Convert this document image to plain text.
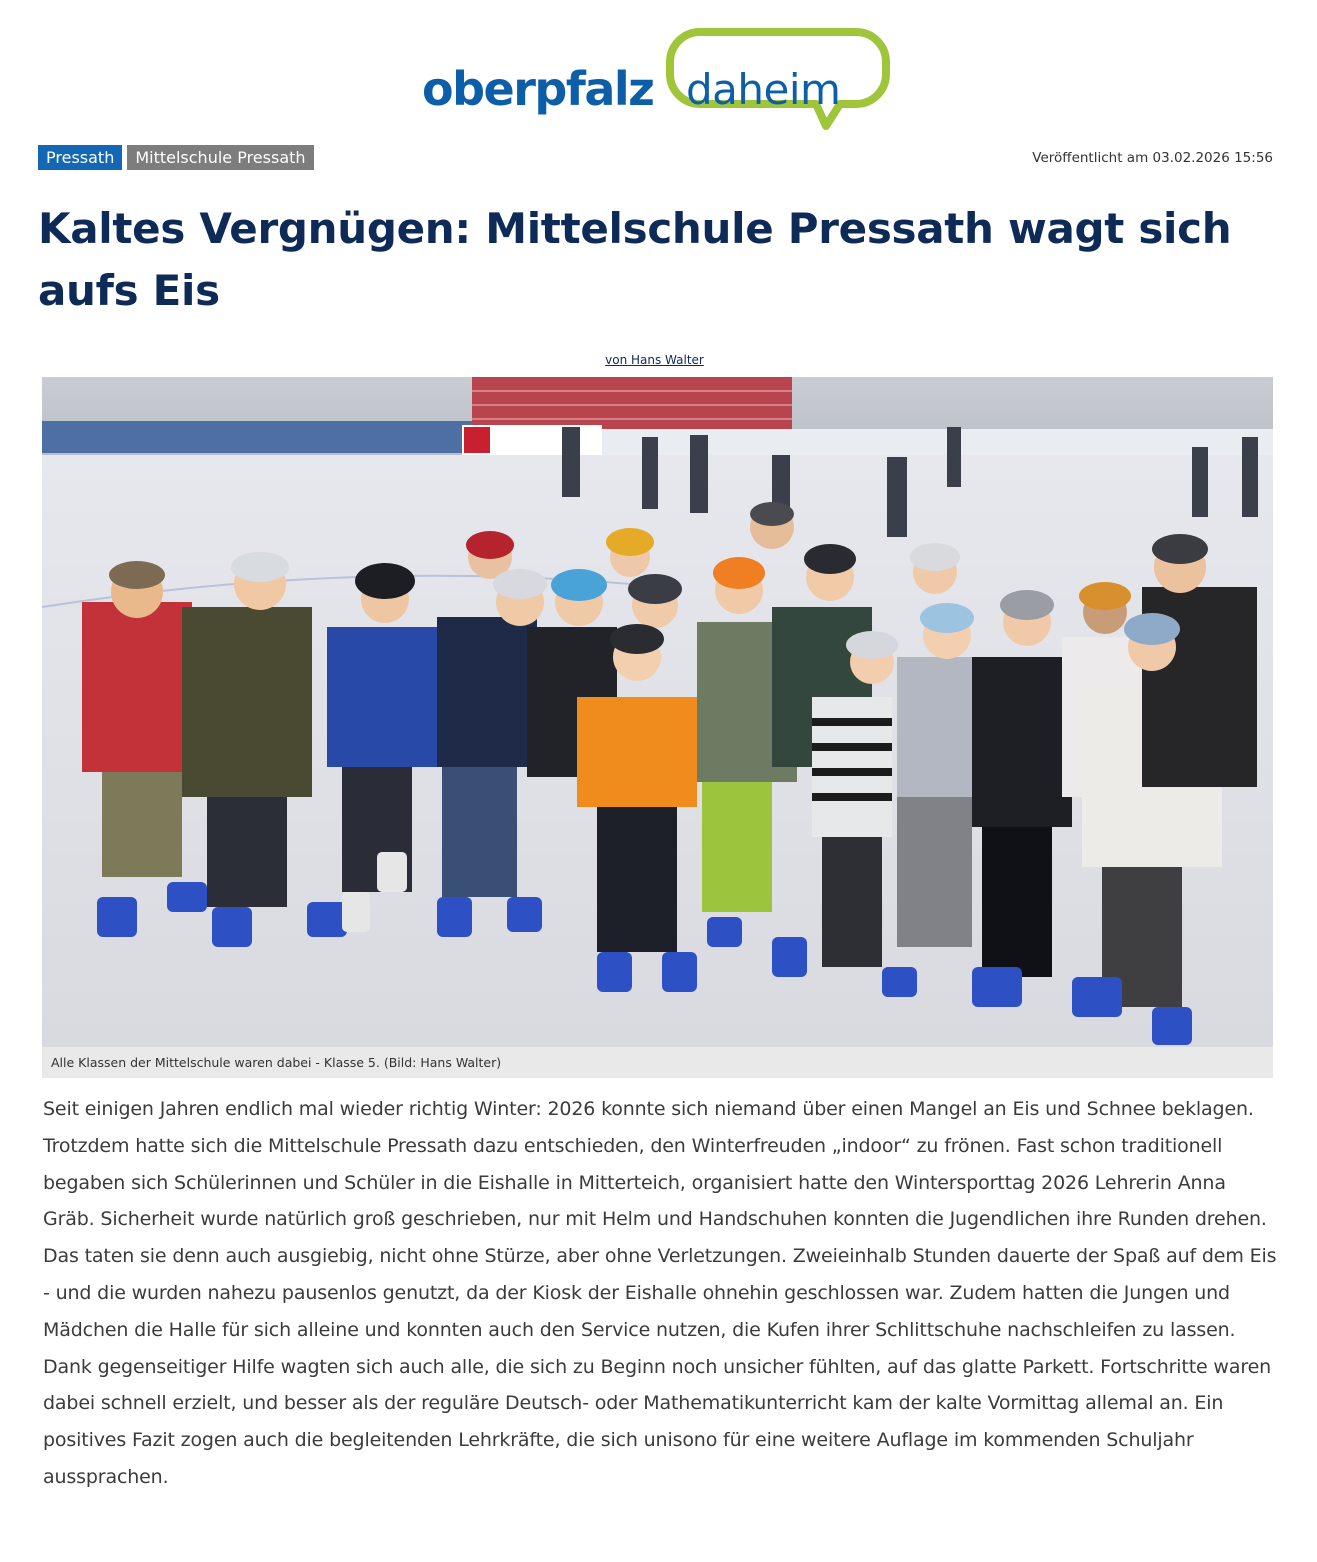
oberpfalz daheim
Pressath	Mittelschule Pressath	Veröffentlicht am 03.02.2026 15:56
Kaltes Vergnügen: Mittelschule Pressath wagt sich aufs Eis
von Hans Walter
Alle Klassen der Mittelschule waren dabei - Klasse 5. (Bild: Hans Walter)

Seit einigen Jahren endlich mal wieder richtig Winter: 2026 konnte sich niemand über einen Mangel an Eis und Schnee beklagen. Trotzdem hatte sich die Mittelschule Pressath dazu entschieden, den Winterfreuden „indoor“ zu frönen. Fast schon traditionell begaben sich Schülerinnen und Schüler in die Eishalle in Mitterteich, organisiert hatte den Wintersporttag 2026 Lehrerin Anna Gräb. Sicherheit wurde natürlich groß geschrieben, nur mit Helm und Handschuhen konnten die Jugendlichen ihre Runden drehen. Das taten sie denn auch ausgiebig, nicht ohne Stürze, aber ohne Verletzungen. Zweieinhalb Stunden dauerte der Spaß auf dem Eis - und die wurden nahezu pausenlos genutzt, da der Kiosk der Eishalle ohnehin geschlossen war. Zudem hatten die Jungen und Mädchen die Halle für sich alleine und konnten auch den Service nutzen, die Kufen ihrer Schlittschuhe nachschleifen zu lassen. Dank gegenseitiger Hilfe wagten sich auch alle, die sich zu Beginn noch unsicher fühlten, auf das glatte Parkett. Fortschritte waren dabei schnell erzielt, und besser als der reguläre Deutsch- oder Mathematikunterricht kam der kalte Vormittag allemal an. Ein positives Fazit zogen auch die begleitenden Lehrkräfte, die sich unisono für eine weitere Auflage im kommenden Schuljahr aussprachen.
